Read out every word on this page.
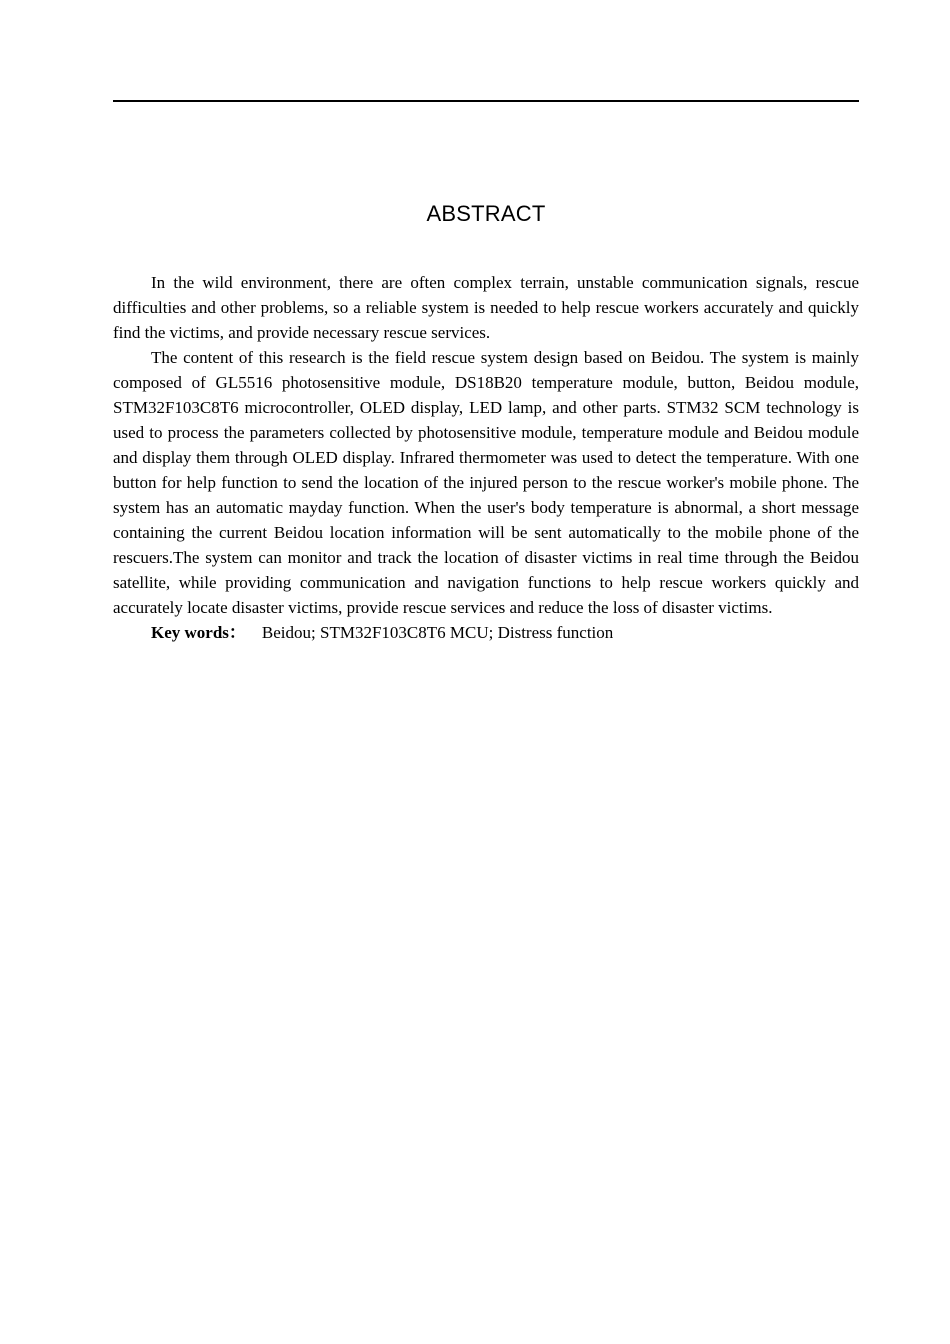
ABSTRACT

In the wild environment, there are often complex terrain, unstable communication signals, rescue difficulties and other problems, so a reliable system is needed to help rescue workers accurately and quickly find the victims, and provide necessary rescue services.

The content of this research is the field rescue system design based on Beidou. The system is mainly composed of GL5516 photosensitive module, DS18B20 temperature module, button, Beidou module, STM32F103C8T6 microcontroller, OLED display, LED lamp, and other parts. STM32 SCM technology is used to process the parameters collected by photosensitive module, temperature module and Beidou module and display them through OLED display. Infrared thermometer was used to detect the temperature. With one button for help function to send the location of the injured person to the rescue worker's mobile phone. The system has an automatic mayday function. When the user's body temperature is abnormal, a short message containing the current Beidou location information will be sent automatically to the mobile phone of the rescuers.The system can monitor and track the location of disaster victims in real time through the Beidou satellite, while providing communication and navigation functions to help rescue workers quickly and accurately locate disaster victims, provide rescue services and reduce the loss of disaster victims.

Key words： Beidou; STM32F103C8T6 MCU; Distress function
